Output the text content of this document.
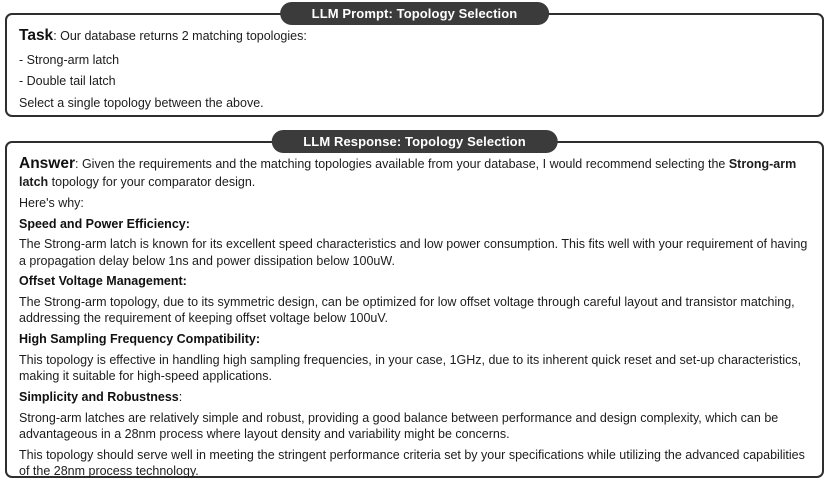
LLM Prompt: Topology Selection

Task: Our database returns 2 matching topologies:

- Strong-arm latch

- Double tail latch

Select a single topology between the above.

LLM Response: Topology Selection

Answer: Given the requirements and the matching topologies available from your database, I would recommend selecting the Strong-arm latch topology for your comparator design.

Here's why:

Speed and Power Efficiency:

The Strong-arm latch is known for its excellent speed characteristics and low power consumption. This fits well with your requirement of having a propagation delay below 1ns and power dissipation below 100uW.

Offset Voltage Management:

The Strong-arm topology, due to its symmetric design, can be optimized for low offset voltage through careful layout and transistor matching, addressing the requirement of keeping offset voltage below 100uV.

High Sampling Frequency Compatibility:

This topology is effective in handling high sampling frequencies, in your case, 1GHz, due to its inherent quick reset and set-up characteristics, making it suitable for high-speed applications.

Simplicity and Robustness:

Strong-arm latches are relatively simple and robust, providing a good balance between performance and design complexity, which can be advantageous in a 28nm process where layout density and variability might be concerns.

This topology should serve well in meeting the stringent performance criteria set by your specifications while utilizing the advanced capabilities of the 28nm process technology.
